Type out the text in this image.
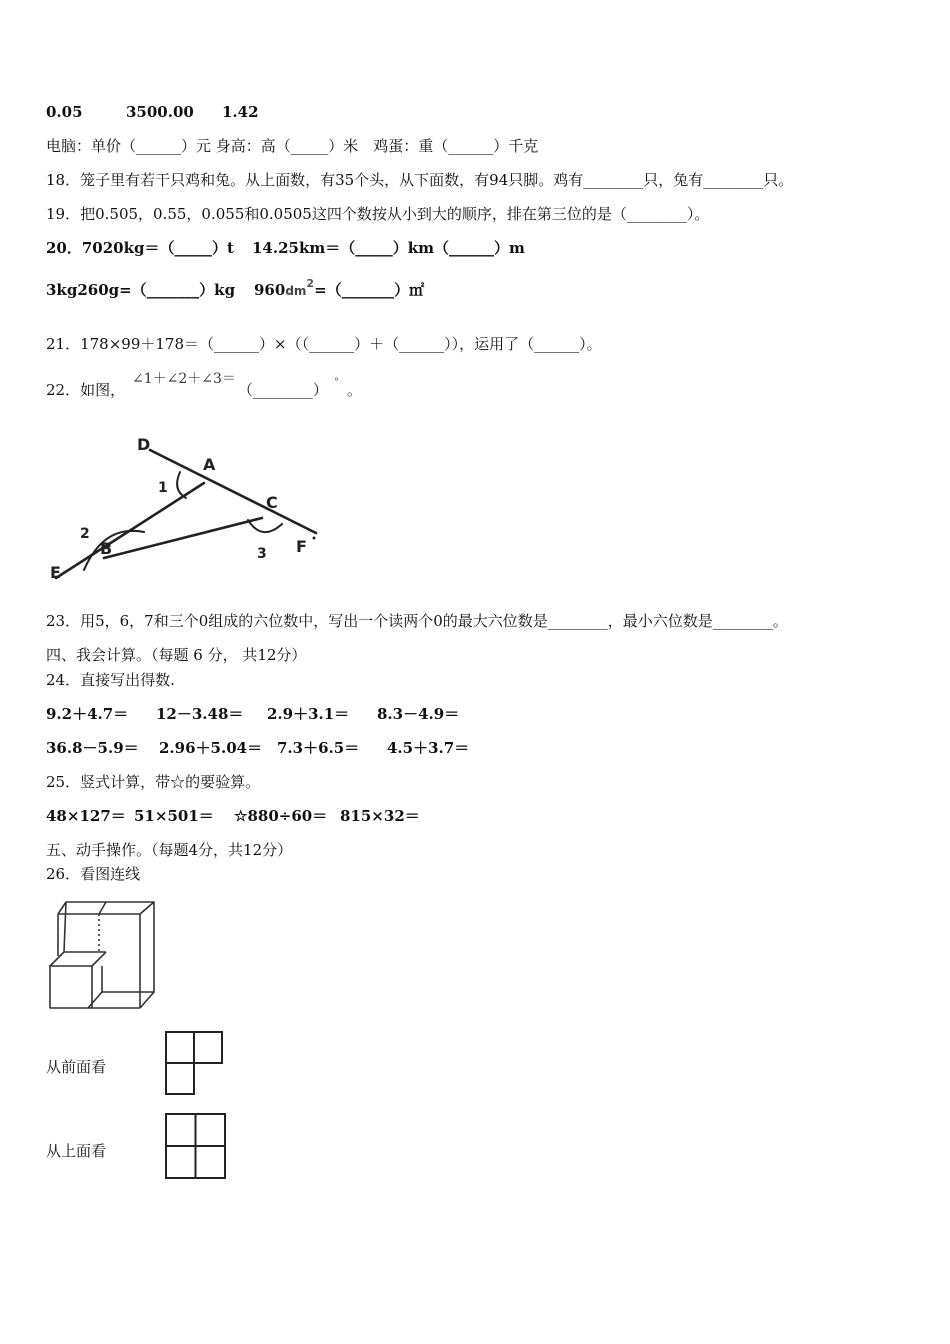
0.05	3500.00 1.42
电脑：单价（______）元 身高：高（_____）米　鸡蛋：重（______）千克
18．笼子里有若干只鸡和兔。从上面数，有35个头，从下面数，有94只脚。鸡有________只，兔有________只。
19．把0.505，0.55，0.055和0.0505这四个数按从小到大的顺序，排在第三位的是（________）。
20．7020kg＝（_____）t 14.25km＝（_____）km（______）m
3kg260g=（_______）kg 960dm2=（_______）㎡
21．178×99＋178＝（______）×（（______）＋（______）），运用了（______）。
22．如图，∠1＋∠2＋∠3＝（________） ° 。
D
A
C
F
B
E
1
2
3
23．用5，6，7和三个0组成的六位数中，写出一个读两个0的最大六位数是________，最小六位数是________。
四、我会计算。（每题 6 分， 共12分）
24．直接写出得数.
9.2＋4.7＝ 12－3.48＝ 2.9＋3.1＝ 8.3－4.9＝
36.8－5.9＝ 2.96＋5.04＝ 7.3＋6.5＝ 4.5＋3.7＝
25．竖式计算，带☆的要验算。
48×127＝ 51×501＝ ☆880÷60＝ 815×32＝
五、动手操作。（每题4分，共12分）
26．看图连线
从前面看
从上面看
